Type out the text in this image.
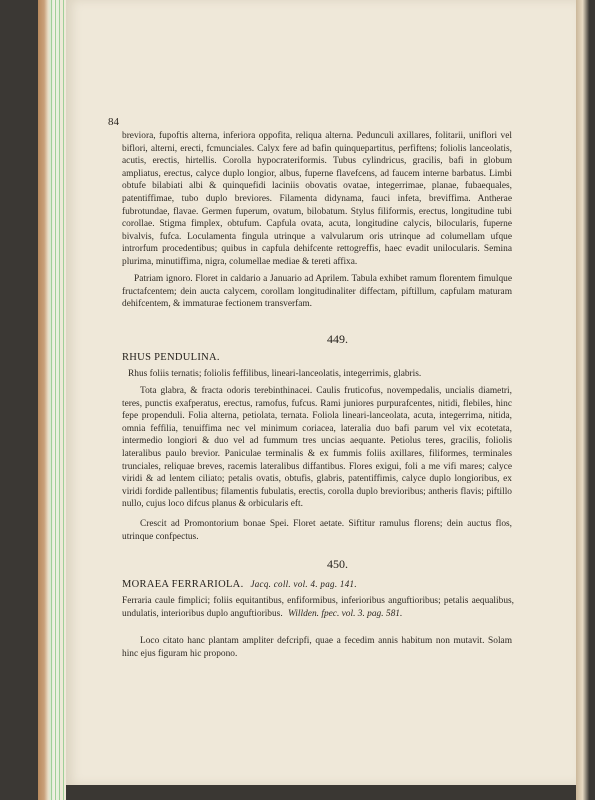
84
breviora, fupoftis alterna, inferiora oppofita, reliqua alterna. Pedunculi axillares, folitarii, uniflori vel biflori, alterni, erecti, fcmunciales. Calyx fere ad bafin quinquepartitus, perfiftens; foliolis lanceolatis, acutis, erectis, hirtellis. Corolla hypocrateriformis. Tubus cylindricus, gracilis, bafi in globum ampliatus, erectus, calyce duplo longior, albus, fuperne flavefcens, ad faucem interne barbatus. Limbi obtufe bilabiati albi & quinquefidi laciniis obovatis ovatae, integerrimae, planae, fubaequales, patentiffimae, tubo duplo breviores. Filamenta didynama, fauci infeta, breviffima. Antherae fubrotundae, flavae. Germen fuperum, ovatum, bilobatum. Stylus filiformis, erectus, longitudine tubi corollae. Stigma fimplex, obtufum. Capfula ovata, acuta, longitudine calycis, bilocularis, fuperne bivalvis, fufca. Loculamenta fingula utrinque a valvularum oris utrinque ad columellam ufque introrfum procedentibus; quibus in capfula dehifcente rettogreffis, haec evadit unilocularis. Semina plurima, minutiffima, nigra, columellae mediae & tereti affixa.
Patriam ignoro. Floret in caldario a Januario ad Aprilem. Tabula exhibet ramum florentem fimulque fructafcentem; dein aucta calycem, corollam longitudinaliter diffectam, piftillum, capfulam maturam dehifcentem, & immaturae fectionem transverfam.
449.
RHUS PENDULINA.
Rhus foliis ternatis; foliolis feffilibus, lineari-lanceolatis, integerrimis, glabris.
Tota glabra, & fracta odoris terebinthinacei. Caulis fruticofus, novempedalis, uncialis diametri, teres, punctis exafperatus, erectus, ramofus, fufcus. Rami juniores purpurafcentes, nitidi, flebiles, hinc fepe propenduli. Folia alterna, petiolata, ternata. Foliola lineari-lanceolata, acuta, integerrima, nitida, omnia feffilia, tenuiffima nec vel minimum coriacea, lateralia duo bafi parum vel vix ecotetata, intermedio longiori & duo vel ad fummum tres uncias aequante. Petiolus teres, gracilis, foliolis lateralibus paulo brevior. Paniculae terminalis & ex fummis foliis axillares, filiformes, terminales trunciales, reliquae breves, racemis lateralibus diffantibus. Flores exigui, foli a me vifi mares; calyce viridi & ad lentem ciliato; petalis ovatis, obtufis, glabris, patentiffimis, calyce duplo longioribus, ex viridi fordide pallentibus; filamentis fubulatis, erectis, corolla duplo brevioribus; antheris flavis; piftillo nullo, cujus loco difcus planus & orbicularis eft.
Crescit ad Promontorium bonae Spei. Floret aetate. Siftitur ramulus florens; dein auctus flos, utrinque confpectus.
450.
MORAEA FERRARIOLA. Jacq. coll. vol. 4. pag. 141.
Ferraria caule fimplici; foliis equitantibus, enfiformibus, inferioribus anguftioribus; petalis aequalibus, undulatis, interioribus duplo anguftioribus. Willden. fpec. vol. 3. pag. 581.
Loco citato hanc plantam ampliter defcripfi, quae a fecedim annis habitum non mutavit. Solam hinc ejus figuram hic propono.
